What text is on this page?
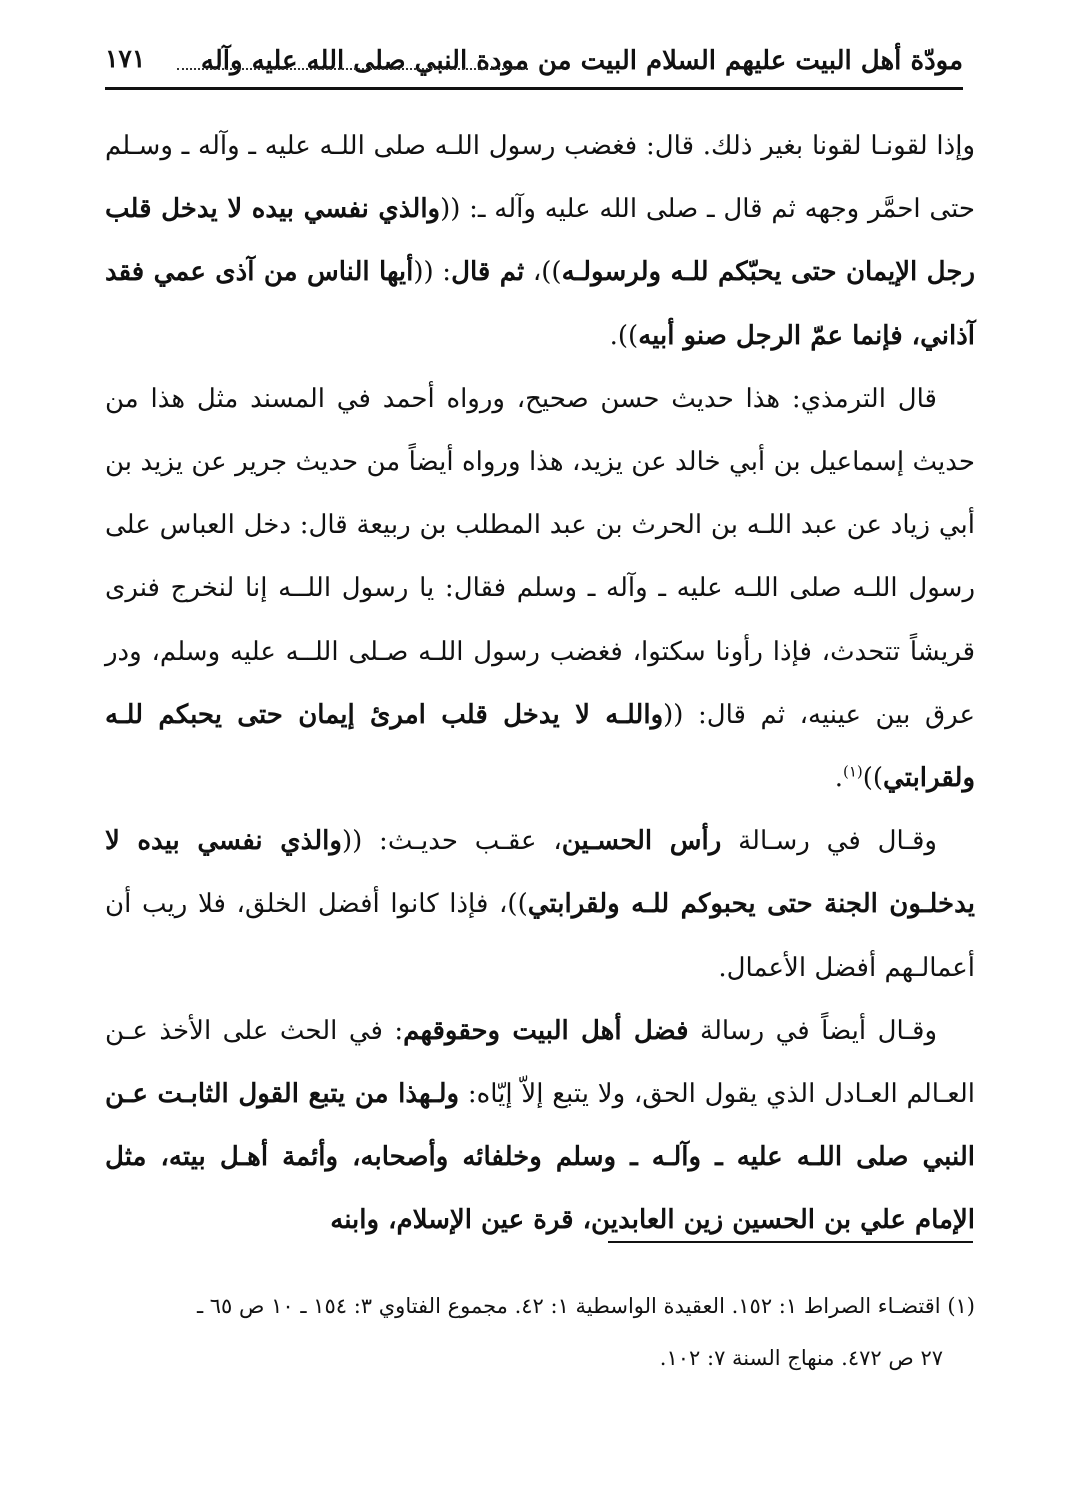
مودّة أهل البيت عليهم السلام البيت من مودة النبي صلى الله عليه وآله
١٧١

وإذا لقونـا لقونا بغير ذلك. قال: فغضب رسول اللـه صلى اللـه عليه ـ وآله ـ وسـلم حتى احمَّر وجهه ثم قال ـ صلى الله عليه وآله ـ: ((والذي نفسي بيده لا يدخل قلب رجل الإيمان حتى يحبّكم للـه ولرسولـه))، ثم قال: ((أيها الناس من آذى عمي فقد آذاني، فإنما عمّ الرجل صنو أبيه)).

قال الترمذي: هذا حديث حسن صحيح، ورواه أحمد في المسند مثل هذا من حديث إسماعيل بن أبي خالد عن يزيد، هذا ورواه أيضاً من حديث جرير عن يزيد بن أبي زياد عن عبد اللـه بن الحرث بن عبد المطلب بن ربيعة قال: دخل العباس على رسول اللـه صلى اللـه عليه ـ وآله ـ وسلم فقال: يا رسول اللــه إنا لنخرج فنرى قريشاً تتحدث، فإذا رأونا سكتوا، فغضب رسول اللـه صـلى اللــه عليه وسلم، ودر عرق بين عينيه، ثم قال: ((واللـه لا يدخل قلب امرئ إيمان حتى يحبكم للـه ولقرابتي))$^{(١)}$.

وقـال في رسـالة رأس الحسـين، عقـب حديـث: ((والذي نفسي بيده لا يدخلـون الجنة حتى يحبوكم للـه ولقرابتي))، فإذا كانوا أفضل الخلق، فلا ريب أن أعمالـهم أفضل الأعمال.

وقـال أيضاً في رسالة فضل أهل البيت وحقوقهم: في الحث على الأخذ عـن العـالم العـادل الذي يقول الحق، ولا يتبع إلاّ إيّاه: ولـهذا من يتبع القول الثابـت عـن النبي صلى اللـه عليه ـ وآلـه ـ وسلم وخلفائه وأصحابه، وأئمة أهـل بيته، مثل الإمام علي بن الحسين زين العابدين، قرة عين الإسلام، وابنه

(١) اقتضـاء الصراط ١: ١٥٢. العقيدة الواسطية ١: ٤٢. مجموع الفتاوي ٣: ١٥٤ ـ ١٠ ص ٦٥ ـ
٢٧ ص ٤٧٢. منهاج السنة ٧: ١٠٢.
